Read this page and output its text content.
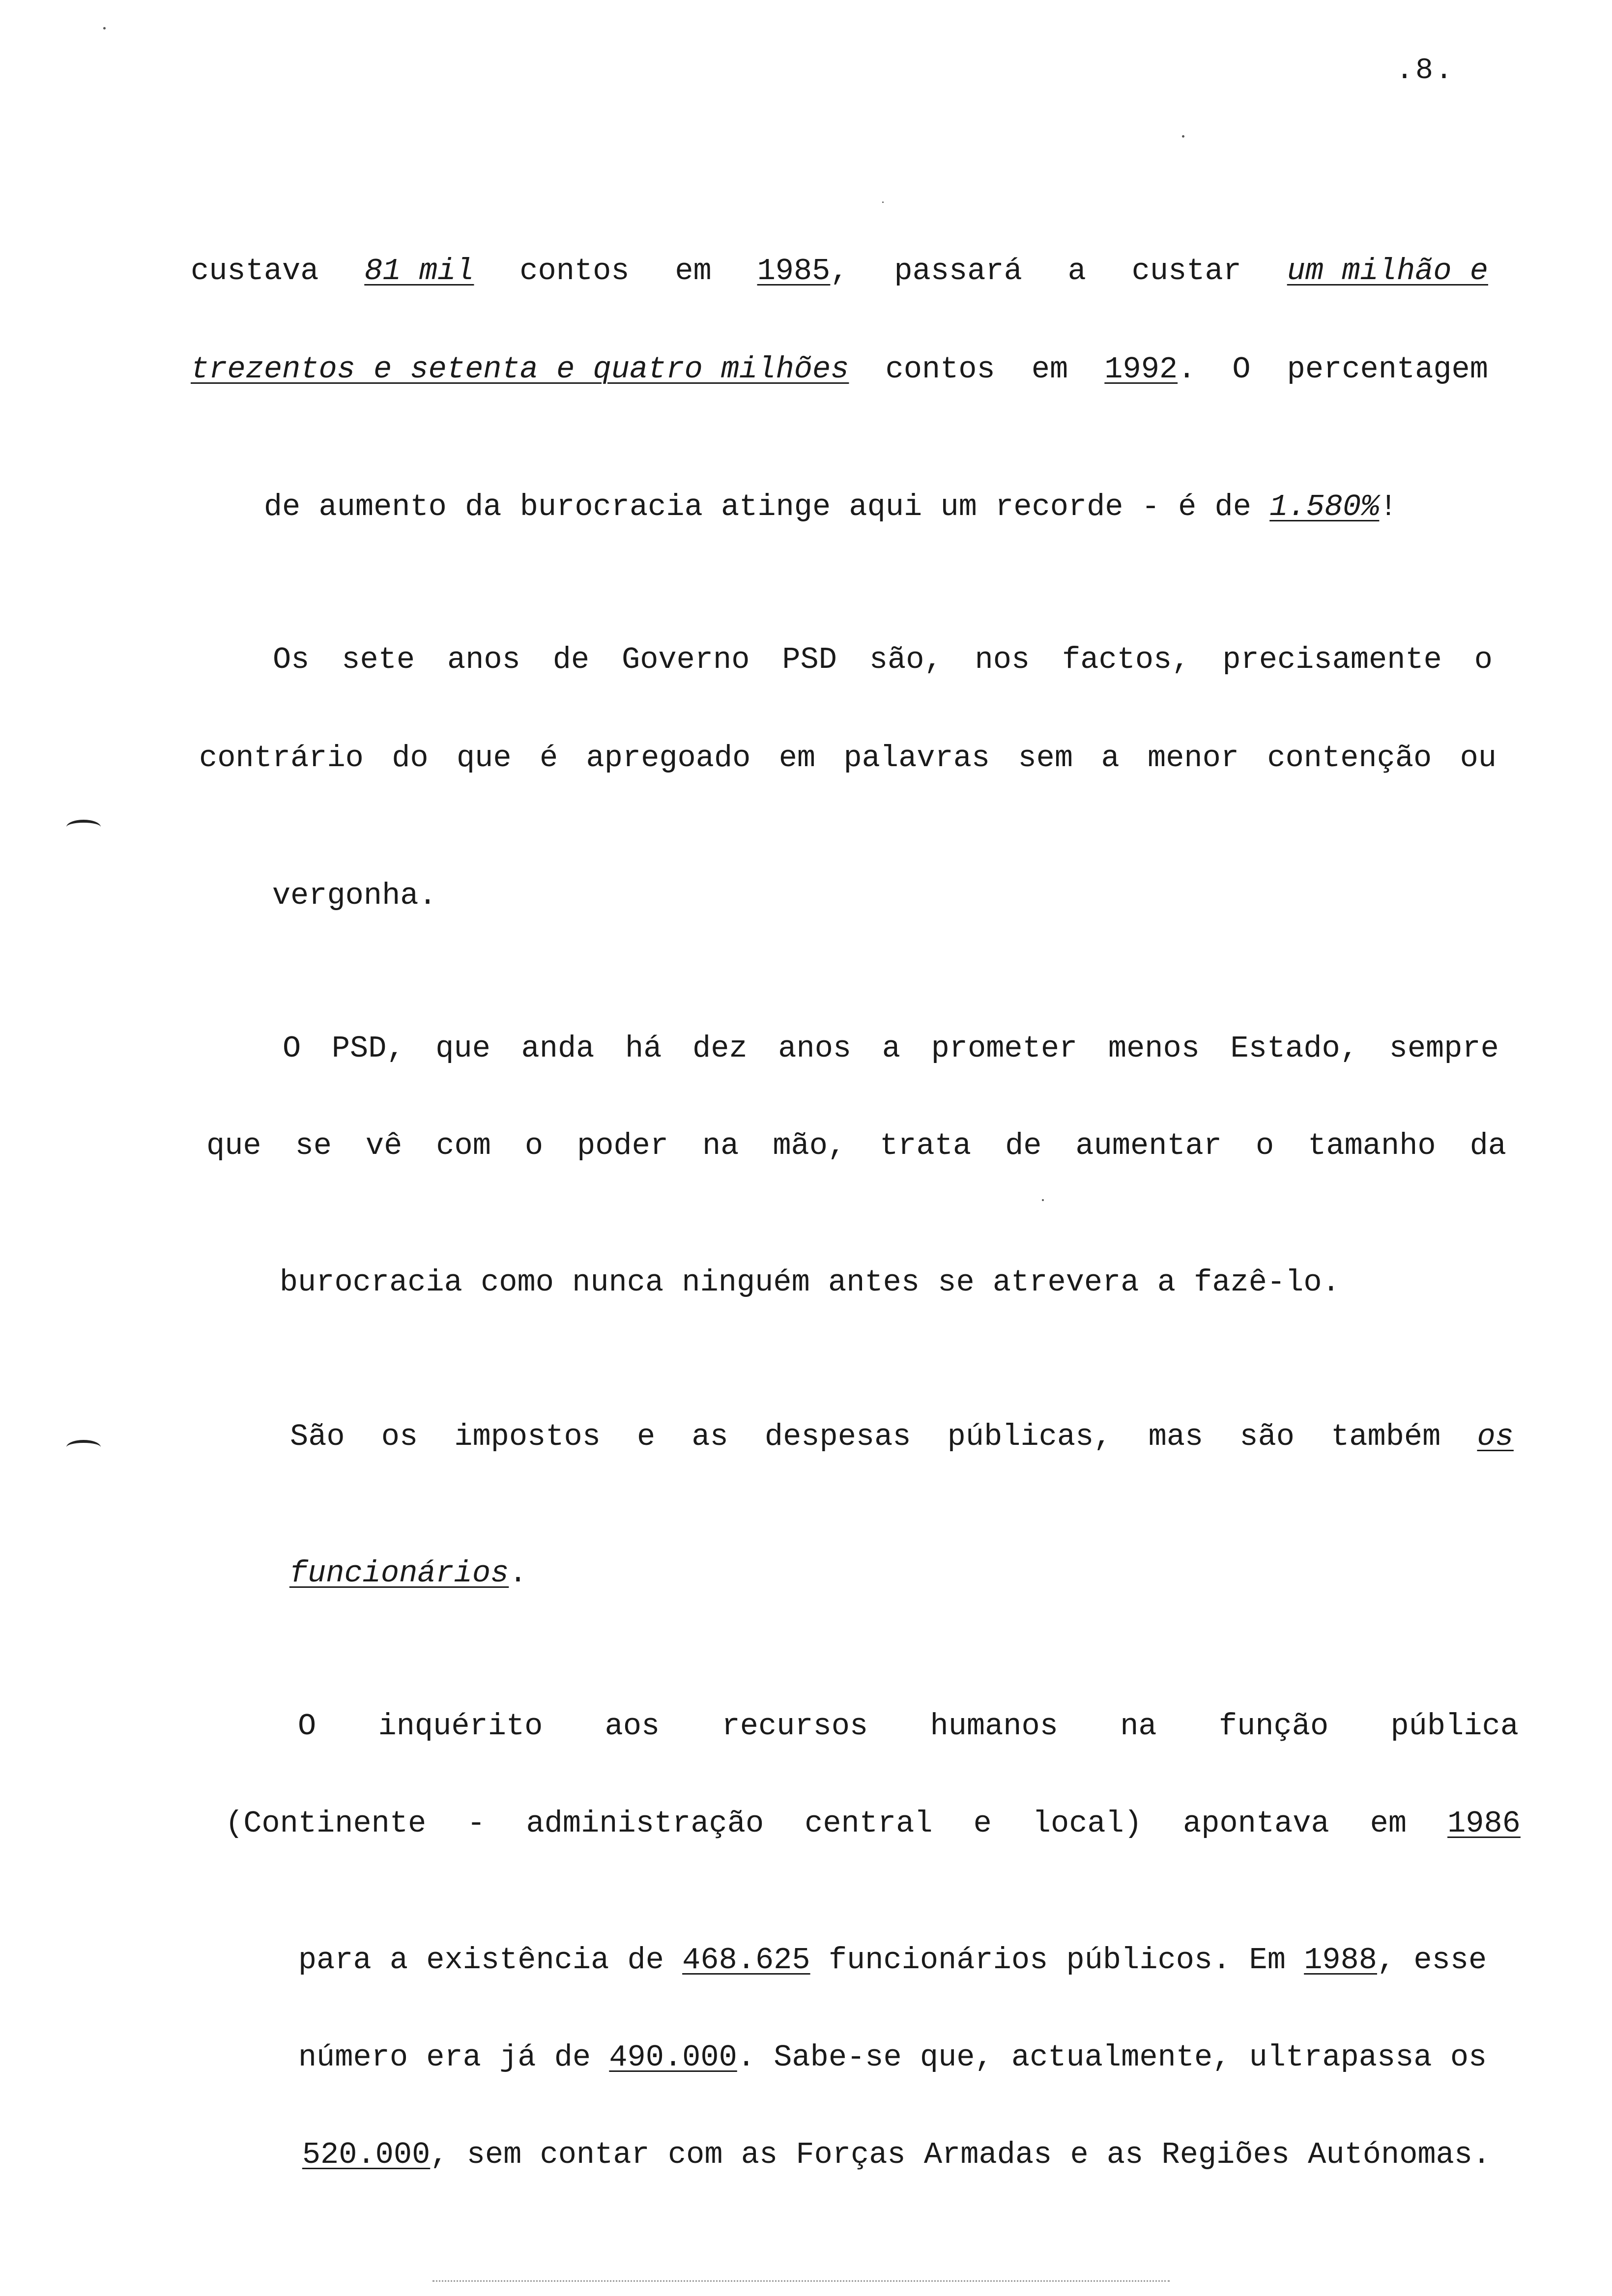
.8.
custava 81 mil contos em 1985, passará a custar um milhão e
trezentos e setenta e quatro milhões contos em 1992. O percentagem

de aumento da burocracia atinge aqui um recorde - é de 1.580%!

Os sete anos de Governo PSD são, nos factos, precisamente o
contrário do que é apregoado em palavras sem a menor contenção ou

vergonha.

O PSD, que anda há dez anos a prometer menos Estado, sempre
que se vê com o poder na mão, trata de aumentar o tamanho da

burocracia como nunca ninguém antes se atrevera a fazê-lo.

São os impostos e as despesas públicas, mas são também os

funcionários.

O inquérito aos recursos humanos na função pública
(Continente - administração central e local) apontava em 1986

para a existência de 468.625 funcionários públicos. Em 1988, esse

número era já de 490.000. Sabe-se que, actualmente, ultrapassa os

520.000, sem contar com as Forças Armadas e as Regiões Autónomas.
